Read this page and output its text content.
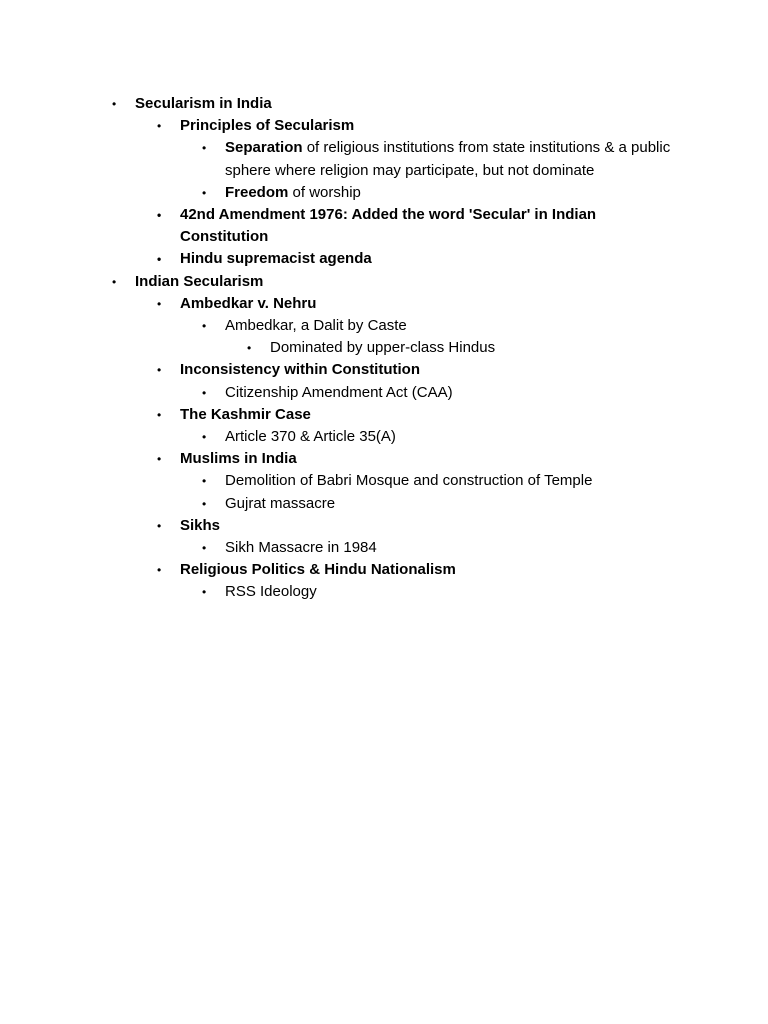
• Secularism in India
• Principles of Secularism
• Separation of religious institutions from state institutions & a public sphere where religion may participate, but not dominate
• Freedom of worship
• 42nd Amendment 1976: Added the word 'Secular' in Indian Constitution
• Hindu supremacist agenda
• Indian Secularism
• Ambedkar v. Nehru
• Ambedkar, a Dalit by Caste
• Dominated by upper-class Hindus
• Inconsistency within Constitution
• Citizenship Amendment Act (CAA)
• The Kashmir Case
• Article 370 & Article 35(A)
• Muslims in India
• Demolition of Babri Mosque and construction of Temple
• Gujrat massacre
• Sikhs
• Sikh Massacre in 1984
• Religious Politics & Hindu Nationalism
• RSS Ideology
